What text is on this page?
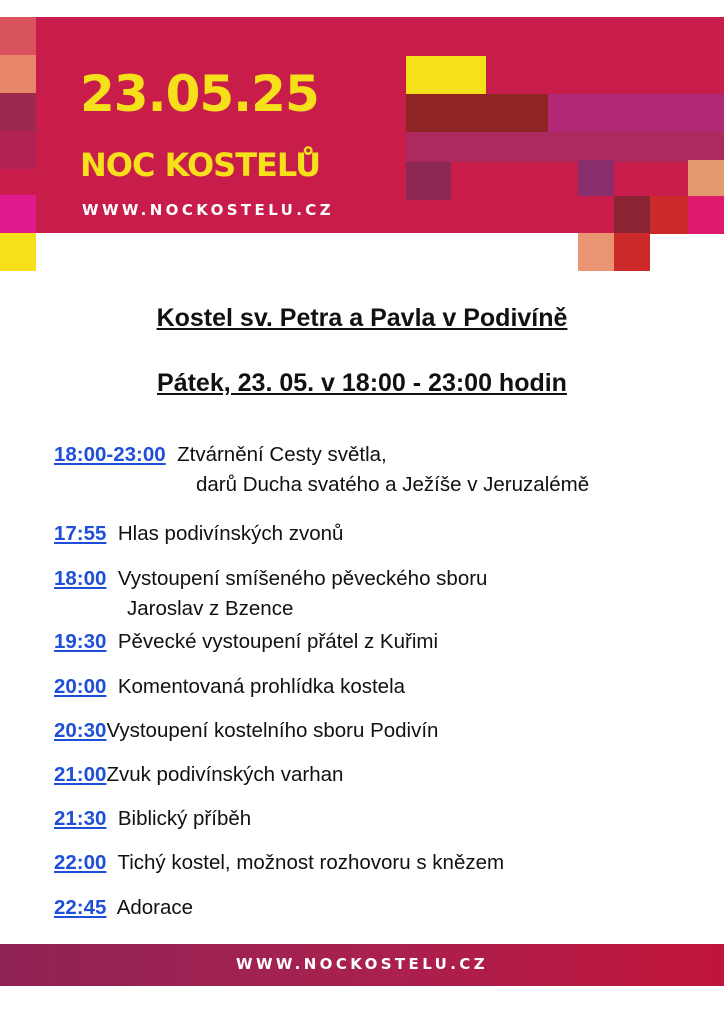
23.05.25
NOC KOSTELŮ
WWW.NOCKOSTELU.CZ
Kostel sv. Petra a Pavla v Podivíně
Pátek, 23. 05. v 18:00 - 23:00 hodin
18:00-23:00 Ztvárnění Cesty světla,
darů Ducha svatého a Ježíše v Jeruzalémě
17:55 Hlas podivínských zvonů
18:00 Vystoupení smíšeného pěveckého sboru
Jaroslav z Bzence
19:30 Pěvecké vystoupení přátel z Kuřimi
20:00 Komentovaná prohlídka kostela
20:30Vystoupení kostelního sboru Podivín
21:00Zvuk podivínských varhan
21:30 Biblický příběh
22:00 Tichý kostel, možnost rozhovoru s knězem
22:45 Adorace
WWW.NOCKOSTELU.CZ
